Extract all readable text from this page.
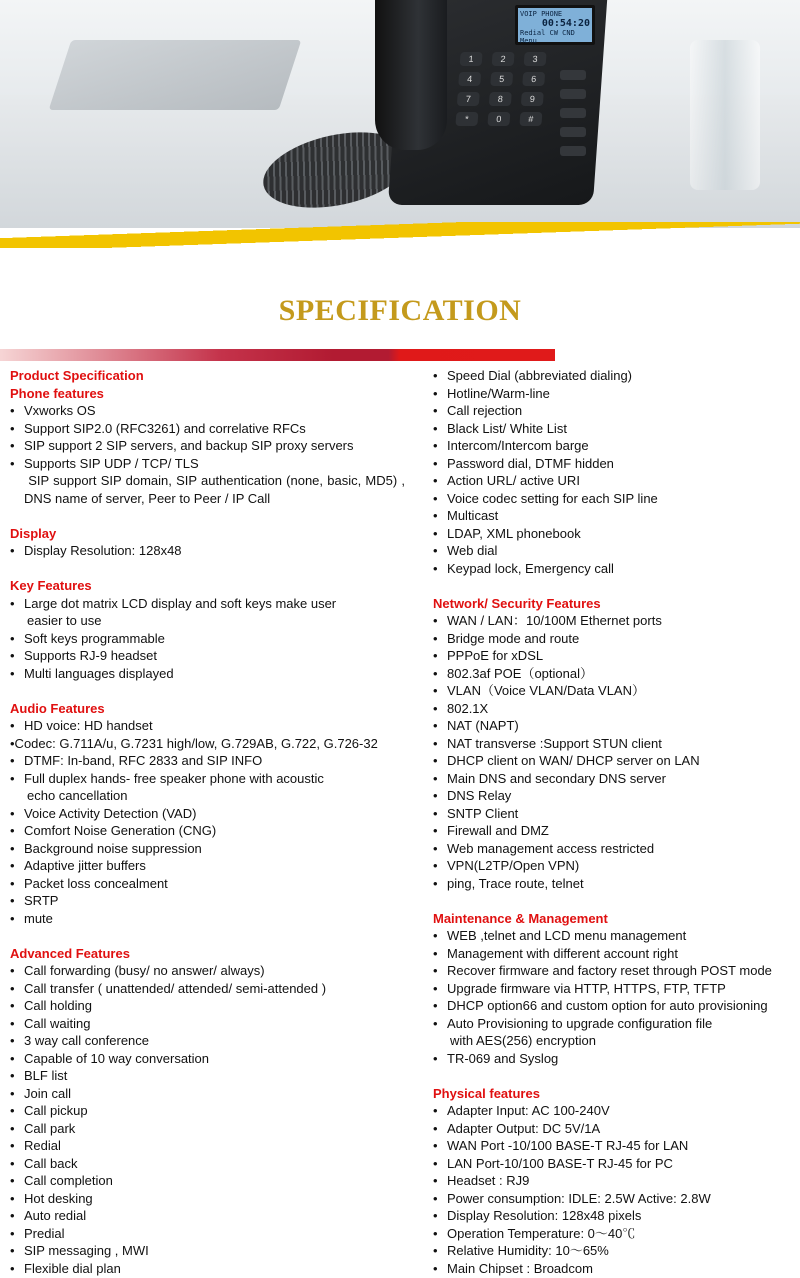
VOIP PHONE
00:54:20
Redial CW CND Menu
1	2	3
4	5	6
7	8	9
*	0	#
SPECIFICATION
Product Specification
Phone features
• Vxworks OS
• Support SIP2.0 (RFC3261) and correlative RFCs
• SIP support 2 SIP servers, and backup SIP proxy servers
• Supports SIP UDP / TCP/ TLS
• SIP support SIP domain, SIP authentication (none, basic, MD5) , DNS name of server, Peer to Peer / IP Call
Display
• Display Resolution: 128x48
Key Features
• Large dot matrix LCD display and soft keys make user
easier to use
• Soft keys programmable
• Supports RJ-9 headset
• Multi languages displayed
Audio Features
• HD voice: HD handset
•Codec: G.711A/u, G.7231 high/low, G.729AB, G.722, G.726-32
• DTMF: In-band, RFC 2833 and SIP INFO
• Full duplex hands- free speaker phone with acoustic
echo cancellation
• Voice Activity Detection (VAD)
• Comfort Noise Generation (CNG)
• Background noise suppression
• Adaptive jitter buffers
• Packet loss concealment
• SRTP
• mute
Advanced Features
• Call forwarding (busy/ no answer/ always)
• Call transfer ( unattended/ attended/ semi-attended )
• Call holding
• Call waiting
• 3 way call conference
• Capable of 10 way conversation
• BLF list
• Join call
• Call pickup
• Call park
• Redial
• Call back
• Call completion
• Hot desking
• Auto redial
• Predial
• SIP messaging , MWI
• Flexible dial plan
• Speed Dial (abbreviated dialing)
• Hotline/Warm-line
• Call rejection
• Black List/ White List
• Intercom/Intercom barge
• Password dial, DTMF hidden
• Action URL/ active URI
• Voice codec setting for each SIP line
• Multicast
• LDAP, XML phonebook
• Web dial
• Keypad lock, Emergency call
Network/ Security Features
• WAN / LAN：10/100M Ethernet ports
• Bridge mode and route
• PPPoE for xDSL
• 802.3af POE（optional）
• VLAN（Voice VLAN/Data VLAN）
• 802.1X
• NAT (NAPT)
• NAT transverse :Support STUN client
• DHCP client on WAN/ DHCP server on LAN
• Main DNS and secondary DNS server
• DNS Relay
• SNTP Client
• Firewall and DMZ
• Web management access restricted
• VPN(L2TP/Open VPN)
• ping, Trace route, telnet
Maintenance & Management
• WEB ,telnet and LCD menu management
• Management with different account right
• Recover firmware and factory reset through POST mode
• Upgrade firmware via HTTP, HTTPS, FTP, TFTP
• DHCP option66 and custom option for auto provisioning
• Auto Provisioning to upgrade configuration file
with AES(256) encryption
• TR-069 and Syslog
Physical features
• Adapter Input: AC 100-240V
• Adapter Output: DC 5V/1A
• WAN Port -10/100 BASE-T RJ-45 for LAN
• LAN Port-10/100 BASE-T RJ-45 for PC
• Headset : RJ9
• Power consumption: IDLE: 2.5W Active: 2.8W
• Display Resolution: 128x48 pixels
• Operation Temperature: 0～40℃
• Relative Humidity: 10～65%
• Main Chipset : Broadcom
